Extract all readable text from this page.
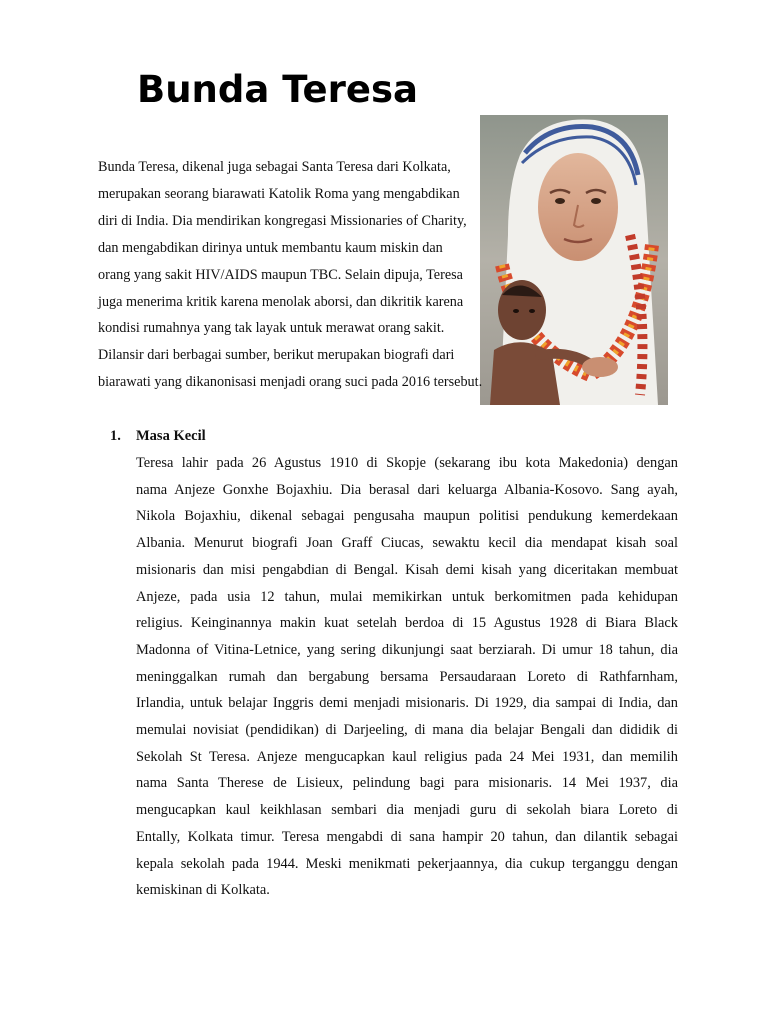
Bunda Teresa
Bunda Teresa, dikenal juga sebagai Santa Teresa dari Kolkata,
merupakan seorang biarawati Katolik Roma yang mengabdikan
diri di India. Dia mendirikan kongregasi Missionaries of Charity,
dan mengabdikan dirinya untuk membantu kaum miskin dan
orang yang sakit HIV/AIDS maupun TBC. Selain dipuja, Teresa
juga menerima kritik karena menolak aborsi, dan dikritik karena
kondisi rumahnya yang tak layak untuk merawat orang sakit.
Dilansir dari berbagai sumber, berikut merupakan biografi dari
biarawati yang dikanonisasi menjadi orang suci pada 2016 tersebut.
1. Masa Kecil
Teresa lahir pada 26 Agustus 1910 di Skopje (sekarang ibu kota Makedonia) dengan
nama Anjeze Gonxhe Bojaxhiu. Dia berasal dari keluarga Albania-Kosovo. Sang ayah,
Nikola Bojaxhiu, dikenal sebagai pengusaha maupun politisi pendukung kemerdekaan
Albania. Menurut biografi Joan Graff Ciucas, sewaktu kecil dia mendapat kisah soal
misionaris dan misi pengabdian di Bengal. Kisah demi kisah yang diceritakan membuat
Anjeze, pada usia 12 tahun, mulai memikirkan untuk berkomitmen pada kehidupan
religius. Keinginannya makin kuat setelah berdoa di 15 Agustus 1928 di Biara Black
Madonna of Vitina-Letnice, yang sering dikunjungi saat berziarah. Di umur 18 tahun, dia
meninggalkan rumah dan bergabung bersama Persaudaraan Loreto di Rathfarnham,
Irlandia, untuk belajar Inggris demi menjadi misionaris. Di 1929, dia sampai di India, dan
memulai novisiat (pendidikan) di Darjeeling, di mana dia belajar Bengali dan dididik di
Sekolah St Teresa. Anjeze mengucapkan kaul religius pada 24 Mei 1931, dan memilih
nama Santa Therese de Lisieux, pelindung bagi para misionaris. 14 Mei 1937, dia
mengucapkan kaul keikhlasan sembari dia menjadi guru di sekolah biara Loreto di
Entally, Kolkata timur. Teresa mengabdi di sana hampir 20 tahun, dan dilantik sebagai
kepala sekolah pada 1944. Meski menikmati pekerjaannya, dia cukup terganggu dengan
kemiskinan di Kolkata.
